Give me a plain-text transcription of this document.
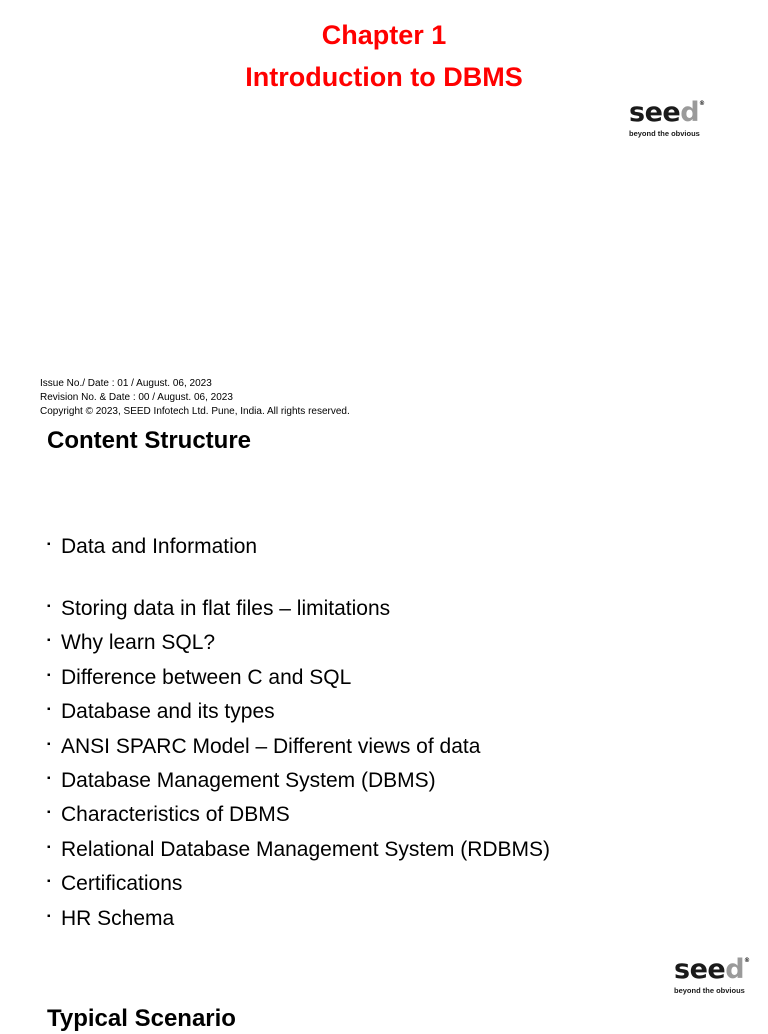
Chapter 1
Introduction to DBMS
seed®
beyond the obvious
Issue No./ Date : 01 / August. 06, 2023
Revision No. & Date : 00 / August. 06, 2023
Copyright © 2023, SEED Infotech Ltd. Pune, India. All rights reserved.
Content Structure
▪ Data and Information
▪ Storing data in flat files – limitations
▪ Why learn SQL?
▪ Difference between C and SQL
▪ Database and its types
▪ ANSI SPARC Model – Different views of data
▪ Database Management System (DBMS)
▪ Characteristics of DBMS
▪ Relational Database Management System (RDBMS)
▪ Certifications
▪ HR Schema
seed®
beyond the obvious
Typical Scenario
